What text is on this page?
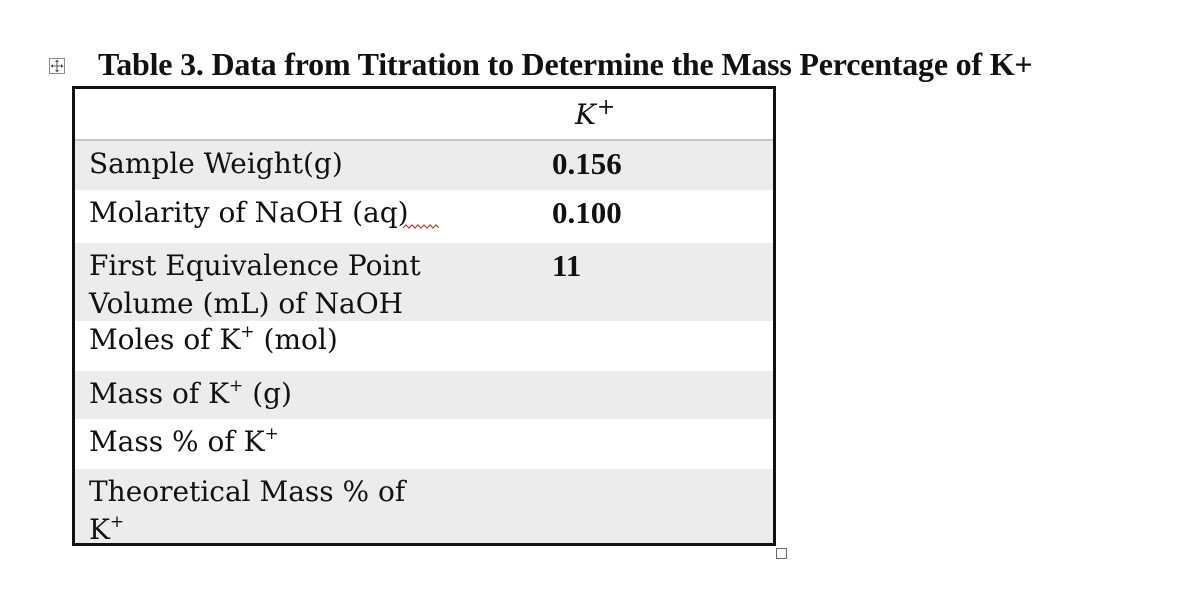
Table 3. Data from Titration to Determine the Mass Percentage of K+
K+
Sample Weight(g)	0.156
Molarity of NaOH (aq)	0.100
First Equivalence Point
Volume (mL) of NaOH
11
Moles of K+ (mol)
Mass of K+ (g)
Mass % of K+
Theoretical Mass % of
K+
